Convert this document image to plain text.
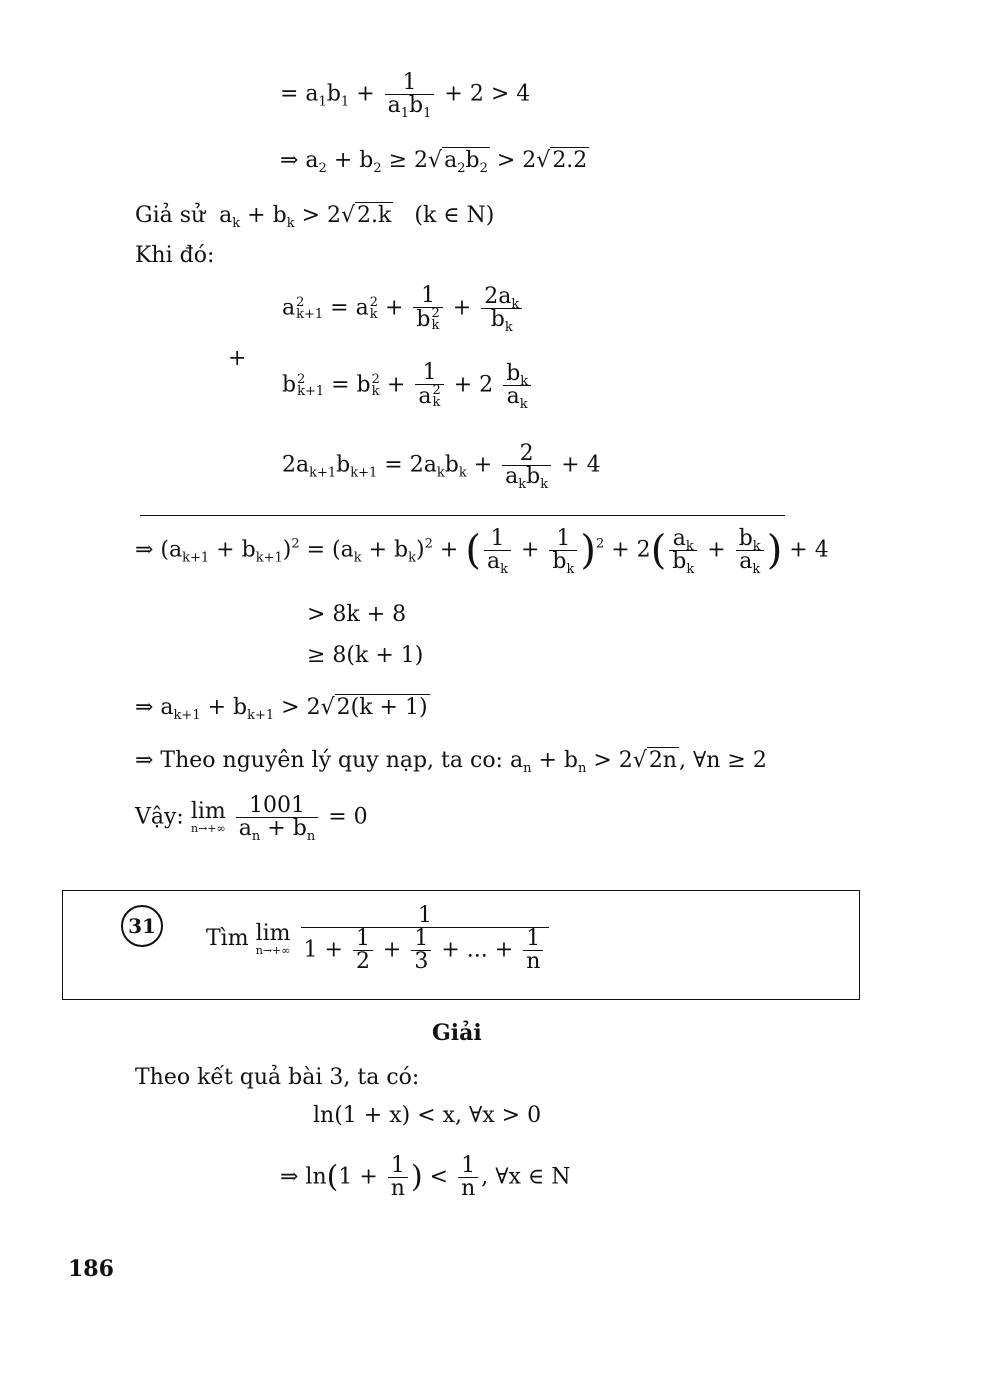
= $a_1b_1 + \frac{1}{a_1b_1} + 2 > 4$
⇒ $a_2 + b_2 \ge 2√a_2b_2 > 2√2.2$
Giả sử  $a_k + b_k > 2√2.k$ (k ∈ N)
Khi đó:
a 2
k+1 = a 2
k + 1
b 2
$k + \frac{2a_k}{b_k}$
+
b 2
k+1 = b 2
k + 1
a 2
$k + 2 \frac{b_k}{a_k}$
$2a_{k+1}b_{k+1} = 2a_kb_k + \frac{2}{a_kb_k} + 4$
⇒ $(a_{k+1} + b_{k+1})^2 = (a_k + b_k)^2$ + ( $\frac{1}{a_k} + \frac{1}{b_k} )^2 + 2( \frac{a_k}{b_k} + \frac{b_k}{a_k}$ ) + 4
> 8k + 8
≥ 8(k + 1)
⇒ $a_{k+1} + b_{k+1} > 2√2(k + 1)$
⇒ Theo nguyên lý quy nạp, ta co: $a_n + b_n > 2√2n$, ∀n ≥ 2
Vậy: lim
n→+∞
$\frac{1001}{a_n + b_n} = 0$
31	Tìm lim
n→+∞
$\frac{1}{1 + \frac{1}{2} + \frac{1}{3} + ... + \frac{1}{n}}$
Giải
Theo kết quả bài 3, ta có:
ln(1 + x) < x, ∀x > 0
⇒ $\ln(1 + \frac{1}{n}$ ) < $\frac{1}{n}$ , ∀x ∈ N
186
